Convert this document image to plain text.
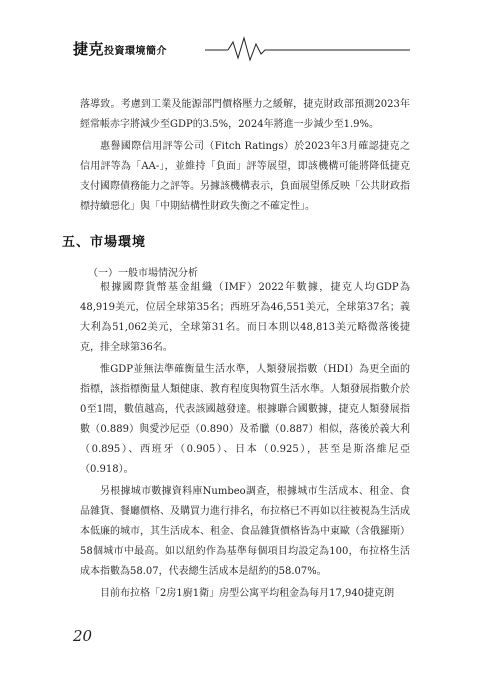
捷克投資環境簡介

落導致。考慮到工業及能源部門價格壓力之緩解，捷克財政部預測2023年經常帳赤字將減少至GDP的3.5%，2024年將進一步減少至1.9%。

惠譽國際信用評等公司（Fitch Ratings）於2023年3月確認捷克之信用評等為「AA-」，並維持「負面」評等展望，即該機構可能將降低捷克支付國際債務能力之評等。另據該機構表示，負面展望係反映「公共財政指標持續惡化」與「中期結構性財政失衡之不確定性」。

五、市場環境
（一）一般市場情況分析

根據國際貨幣基金組織（IMF）2022年數據，捷克人均GDP為48,919美元，位居全球第35名；西班牙為46,551美元，全球第37名；義大利為51,062美元，全球第31名。而日本則以48,813美元略微落後捷克，排全球第36名。

惟GDP並無法準確衡量生活水準，人類發展指數（HDI）為更全面的指標，該指標衡量人類健康、教育程度與物質生活水準。人類發展指數介於0至1間，數值越高，代表該國越發達。根據聯合國數據，捷克人類發展指數（0.889）與愛沙尼亞（0.890）及希臘（0.887）相似，落後於義大利（0.895）、西班牙（0.905）、日本（0.925），甚至是斯洛維尼亞（0.918）。

另根據城市數據資料庫Numbeo調查，根據城市生活成本、租金、食品雜貨、餐廳價格、及購買力進行排名，布拉格已不再如以往被視為生活成本低廉的城市，其生活成本、租金、食品雜貨價格皆為中東歐（含俄羅斯）58個城市中最高。如以紐約作為基準每個項目均設定為100，布拉格生活成本指數為58.07，代表總生活成本是紐約的58.07%。

目前布拉格「2房1廚1衛」房型公寓平均租金為每月17,940捷克朗

20
